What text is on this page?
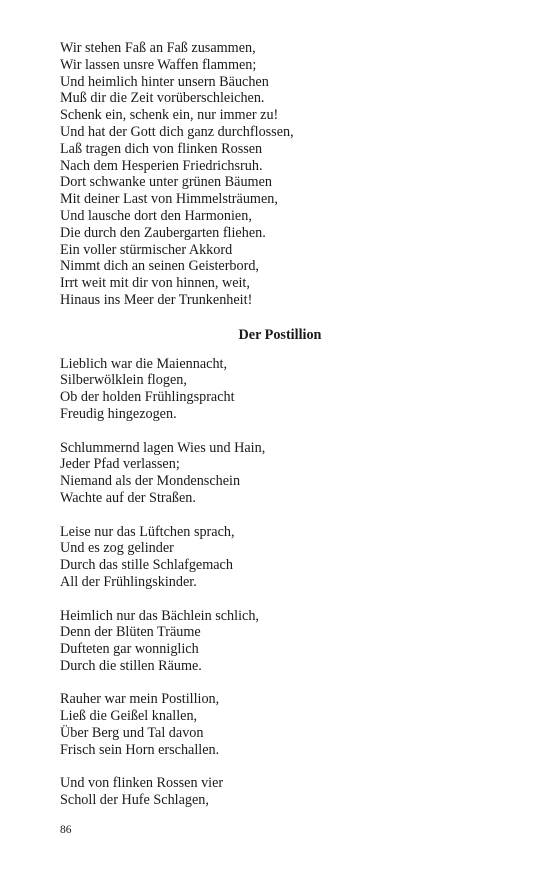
Wir stehen Faß an Faß zusammen,
Wir lassen unsre Waffen flammen;
Und heimlich hinter unsern Bäuchen
Muß dir die Zeit vorüberschleichen.
Schenk ein, schenk ein, nur immer zu!
Und hat der Gott dich ganz durchflossen,
Laß tragen dich von flinken Rossen
Nach dem Hesperien Friedrichsruh.
Dort schwanke unter grünen Bäumen
Mit deiner Last von Himmelsträumen,
Und lausche dort den Harmonien,
Die durch den Zaubergarten fliehen.
Ein voller stürmischer Akkord
Nimmt dich an seinen Geisterbord,
Irrt weit mit dir von hinnen, weit,
Hinaus ins Meer der Trunkenheit!
Der Postillion
Lieblich war die Maiennacht,
Silberwölklein flogen,
Ob der holden Frühlingspracht
Freudig hingezogen.
Schlummernd lagen Wies und Hain,
Jeder Pfad verlassen;
Niemand als der Mondenschein
Wachte auf der Straßen.
Leise nur das Lüftchen sprach,
Und es zog gelinder
Durch das stille Schlafgemach
All der Frühlingskinder.
Heimlich nur das Bächlein schlich,
Denn der Blüten Träume
Dufteten gar wonniglich
Durch die stillen Räume.
Rauher war mein Postillion,
Ließ die Geißel knallen,
Über Berg und Tal davon
Frisch sein Horn erschallen.
Und von flinken Rossen vier
Scholl der Hufe Schlagen,
86
